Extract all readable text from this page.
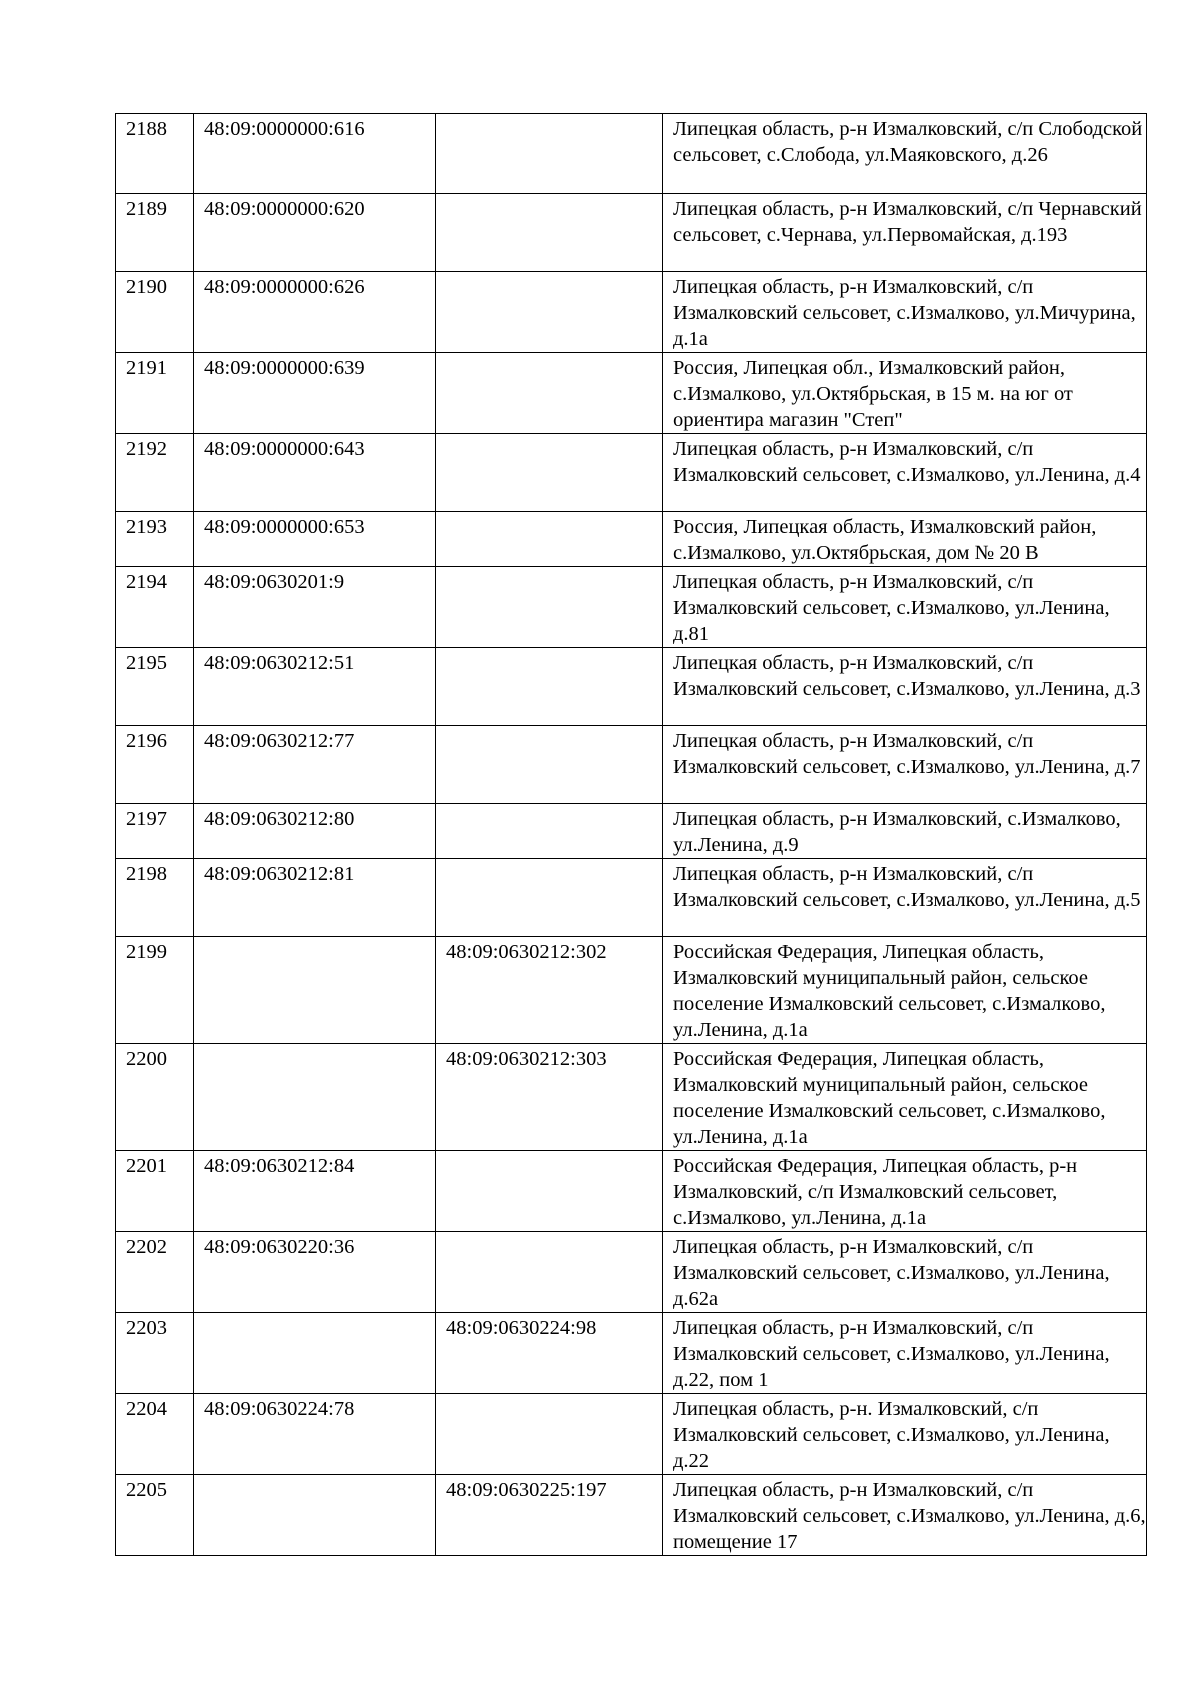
2188	48:09:0000000:616		Липецкая область, р-н Измалковский, с/п Слободской сельсовет, с.Слобода, ул.Маяковского, д.26
2189	48:09:0000000:620		Липецкая область, р-н Измалковский, с/п Чернавский сельсовет, с.Чернава, ул.Первомайская, д.193
2190	48:09:0000000:626		Липецкая область, р-н Измалковский, с/п Измалковский сельсовет, с.Измалково, ул.Мичурина, д.1а
2191	48:09:0000000:639		Россия, Липецкая обл., Измалковский район, с.Измалково, ул.Октябрьская, в 15 м. на юг от ориентира магазин "Степ"
2192	48:09:0000000:643		Липецкая область, р-н Измалковский, с/п Измалковский сельсовет, с.Измалково, ул.Ленина, д.4
2193	48:09:0000000:653		Россия, Липецкая область, Измалковский район, с.Измалково, ул.Октябрьская, дом № 20 В
2194	48:09:0630201:9		Липецкая область, р-н Измалковский, с/п Измалковский сельсовет, с.Измалково, ул.Ленина, д.81
2195	48:09:0630212:51		Липецкая область, р-н Измалковский, с/п Измалковский сельсовет, с.Измалково, ул.Ленина, д.3
2196	48:09:0630212:77		Липецкая область, р-н Измалковский, с/п Измалковский сельсовет, с.Измалково, ул.Ленина, д.7
2197	48:09:0630212:80		Липецкая область, р-н Измалковский, с.Измалково, ул.Ленина, д.9
2198	48:09:0630212:81		Липецкая область, р-н Измалковский, с/п Измалковский сельсовет, с.Измалково, ул.Ленина, д.5
2199		48:09:0630212:302	Российская Федерация, Липецкая область, Измалковский муниципальный район, сельское поселение Измалковский сельсовет, с.Измалково, ул.Ленина, д.1а
2200		48:09:0630212:303	Российская Федерация, Липецкая область, Измалковский муниципальный район, сельское поселение Измалковский сельсовет, с.Измалково, ул.Ленина, д.1а
2201	48:09:0630212:84		Российская Федерация, Липецкая область, р-н Измалковский, с/п Измалковский сельсовет, с.Измалково, ул.Ленина, д.1а
2202	48:09:0630220:36		Липецкая область, р-н Измалковский, с/п Измалковский сельсовет, с.Измалково, ул.Ленина, д.62а
2203		48:09:0630224:98	Липецкая область, р-н Измалковский, с/п Измалковский сельсовет, с.Измалково, ул.Ленина, д.22, пом 1
2204	48:09:0630224:78		Липецкая область, р-н. Измалковский, с/п Измалковский сельсовет, с.Измалково, ул.Ленина, д.22
2205		48:09:0630225:197	Липецкая область, р-н Измалковский, с/п Измалковский сельсовет, с.Измалково, ул.Ленина, д.6, помещение 17
